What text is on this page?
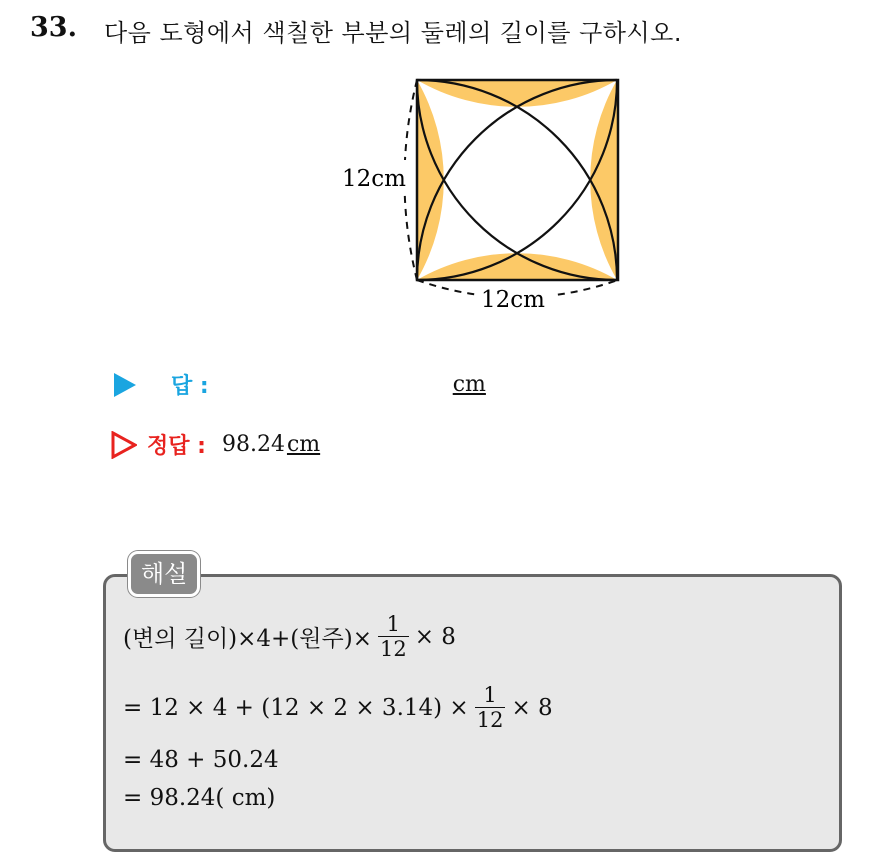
33. 다음 도형에서 색칠한 부분의 둘레의 길이를 구하시오.
12cm
12cm
답 :	cm
정답 : 98.24 cm
해설
(변의 길이)×4+(원주)× $\frac{1}{12} \times 8$
= $12 \times 4 + (12 \times 2 \times 3.14) \times \frac{1}{12} \times 8$
= 48 + 50.24
= 98.24( cm)
